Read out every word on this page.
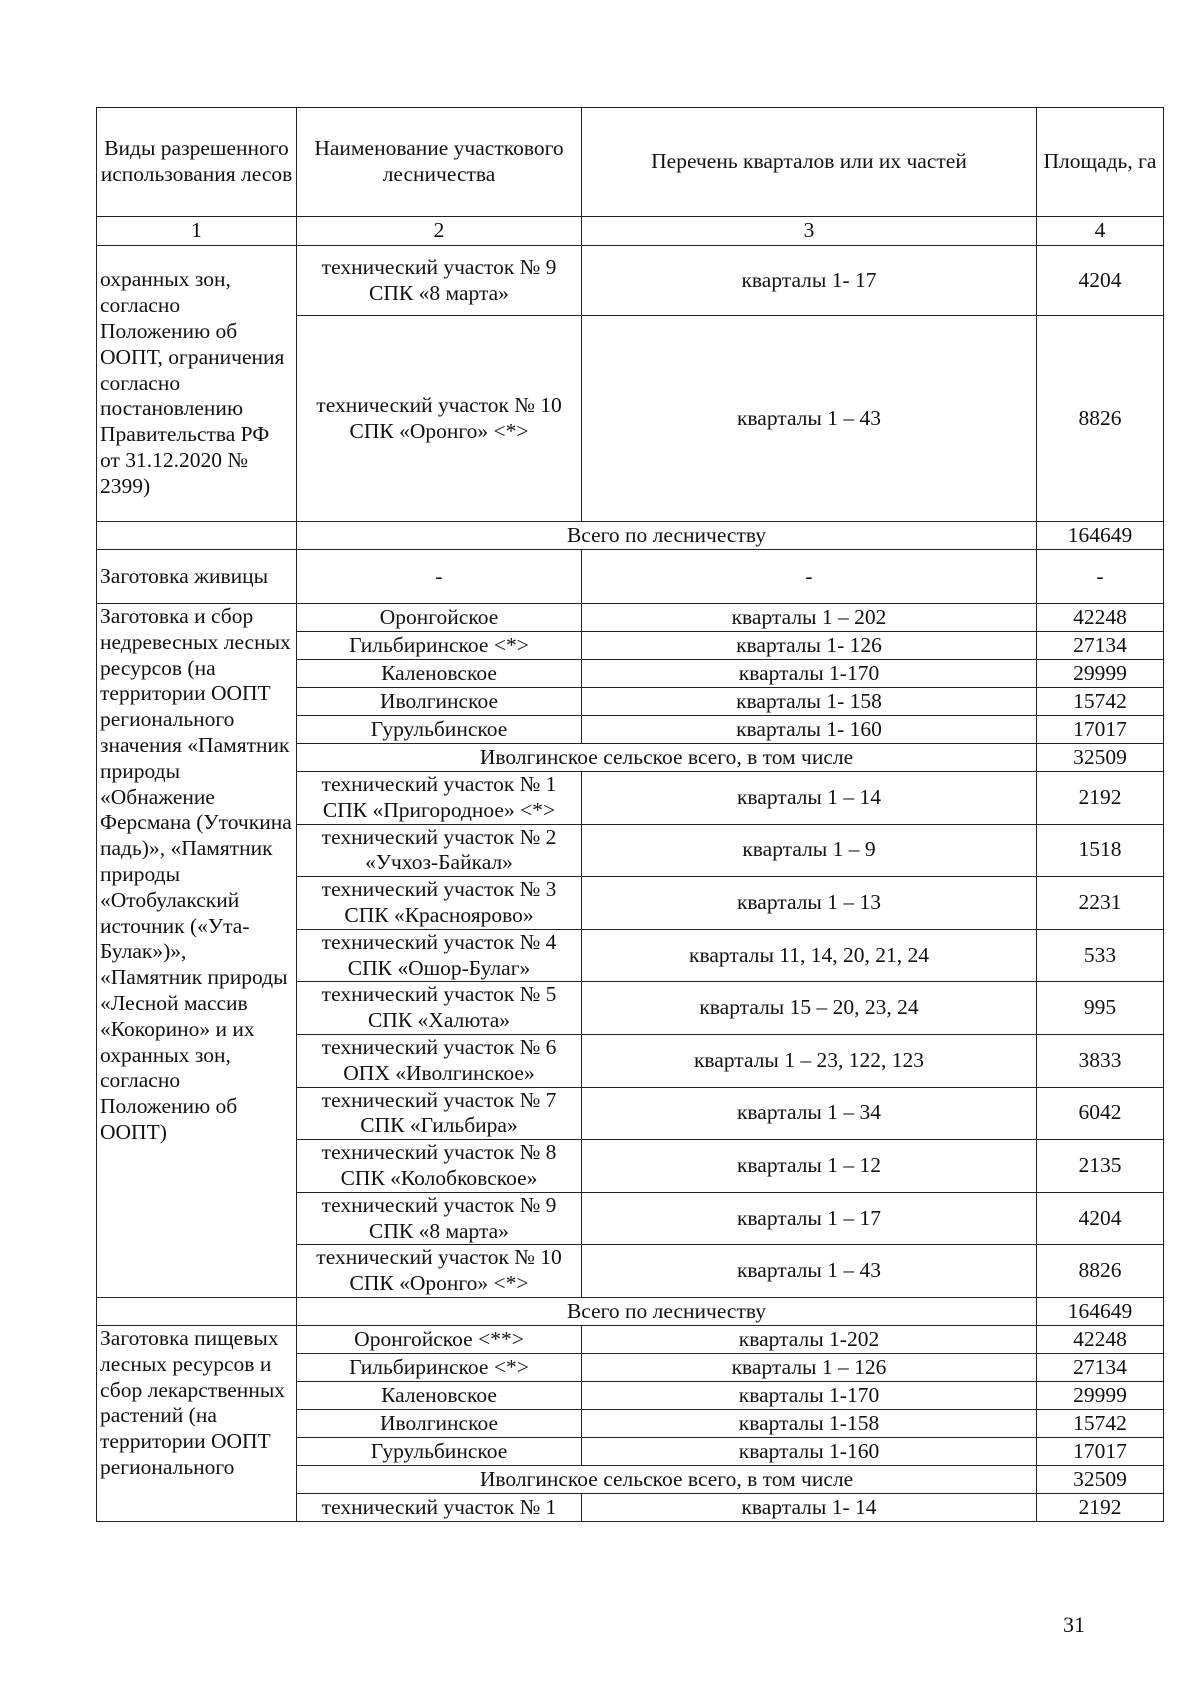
Виды разрешенного использования лесов	Наименование участкового лесничества	Перечень кварталов или их частей	Площадь, га
1	2	3	4
охранных зон, согласно Положению об ООПТ, ограничения согласно постановлению Правительства РФ от 31.12.2020 № 2399)	технический участок № 9 СПК «8 марта»	кварталы 1- 17	4204
	технический участок № 10 СПК «Оронго» <*>	кварталы 1 – 43	8826
	Всего по лесничеству		164649
Заготовка живицы	-	-	-
Заготовка и сбор недревесных лесных ресурсов (на территории ООПТ регионального значения «Памятник природы «Обнажение Ферсмана (Уточкина падь)», «Памятник природы «Отобулакский источник («Ута-Булак»)», «Памятник природы «Лесной массив «Кокорино» и их охранных зон, согласно Положению об ООПТ)	Оронгойское	кварталы 1 – 202	42248
	Гильбиринское <*>	кварталы 1- 126	27134
	Каленовское	кварталы 1-170	29999
	Иволгинское	кварталы 1- 158	15742
	Гурульбинское	кварталы 1- 160	17017
	Иволгинское сельское всего, в том числе		32509
	технический участок № 1 СПК «Пригородное» <*>	кварталы 1 – 14	2192
	технический участок № 2 «Учхоз-Байкал»	кварталы 1 – 9	1518
	технический участок № 3 СПК «Красноярово»	кварталы 1 – 13	2231
	технический участок № 4 СПК «Ошор-Булаг»	кварталы 11, 14, 20, 21, 24	533
	технический участок № 5 СПК «Халюта»	кварталы 15 – 20, 23, 24	995
	технический участок № 6 ОПХ «Иволгинское»	кварталы 1 – 23, 122, 123	3833
	технический участок № 7 СПК «Гильбира»	кварталы 1 – 34	6042
	технический участок № 8 СПК «Колобковское»	кварталы 1 – 12	2135
	технический участок № 9 СПК «8 марта»	кварталы 1 – 17	4204
	технический участок № 10 СПК «Оронго» <*>	кварталы 1 – 43	8826
	Всего по лесничеству		164649
Заготовка пищевых лесных ресурсов и сбор лекарственных растений (на территории ООПТ регионального	Оронгойское <**>	кварталы 1-202	42248
	Гильбиринское <*>	кварталы 1 – 126	27134
	Каленовское	кварталы 1-170	29999
	Иволгинское	кварталы 1-158	15742
	Гурульбинское	кварталы 1-160	17017
	Иволгинское сельское всего, в том числе		32509
	технический участок № 1	кварталы 1- 14	2192
31
